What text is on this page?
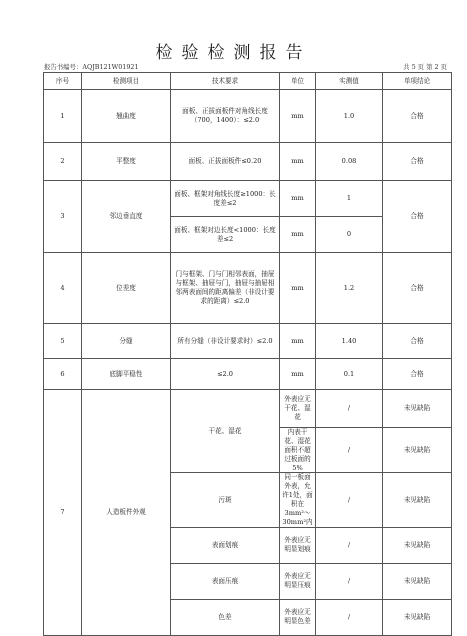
检验检测报告
报告书编号：AQJB121W01921	共 5 页 第 2 页
序号	检测项目	技术要求	单位	实测值	单项结论	
1	翘曲度	面板、正拔面板件对角线长度（700，1400）：≤2.0	mm	1.0	合格	
2	平整度	面板、正拔面板件≤0.20	mm	0.08	合格	
3	邻边垂直度	面板、框架对角线长度≥1000：长度差≤2	mm	1	合格	
		面板、框架对边长度<1000：长度差≤2	mm	0		
4	位差度	门与框架、门与门相邻表面，抽屉与框架、抽屉与门，抽屉与抽屉相邻两表面间的距离偏差（非设计要求的距离）≤2.0	mm	1.2	合格	
5	分缝	所有分缝（非设计要求时）≤2.0	mm	1.40	合格	
6	底脚平稳性	≤2.0	mm	0.1	合格	
7	人造板件外观	干花、湿花	外表应无干花、湿花	/	未见缺陷	
			内表干花、湿花面积不超过板面的5%	/	未见缺陷	
		污斑	同一板面外表，允许1处，面积在3mm²～30mm²内	/	未见缺陷	
		表面划痕	外表应无明显划痕	/	未见缺陷	
		表面压痕	外表应无明显压痕	/	未见缺陷	
		色差	外表应无明显色差	/	未见缺陷	
